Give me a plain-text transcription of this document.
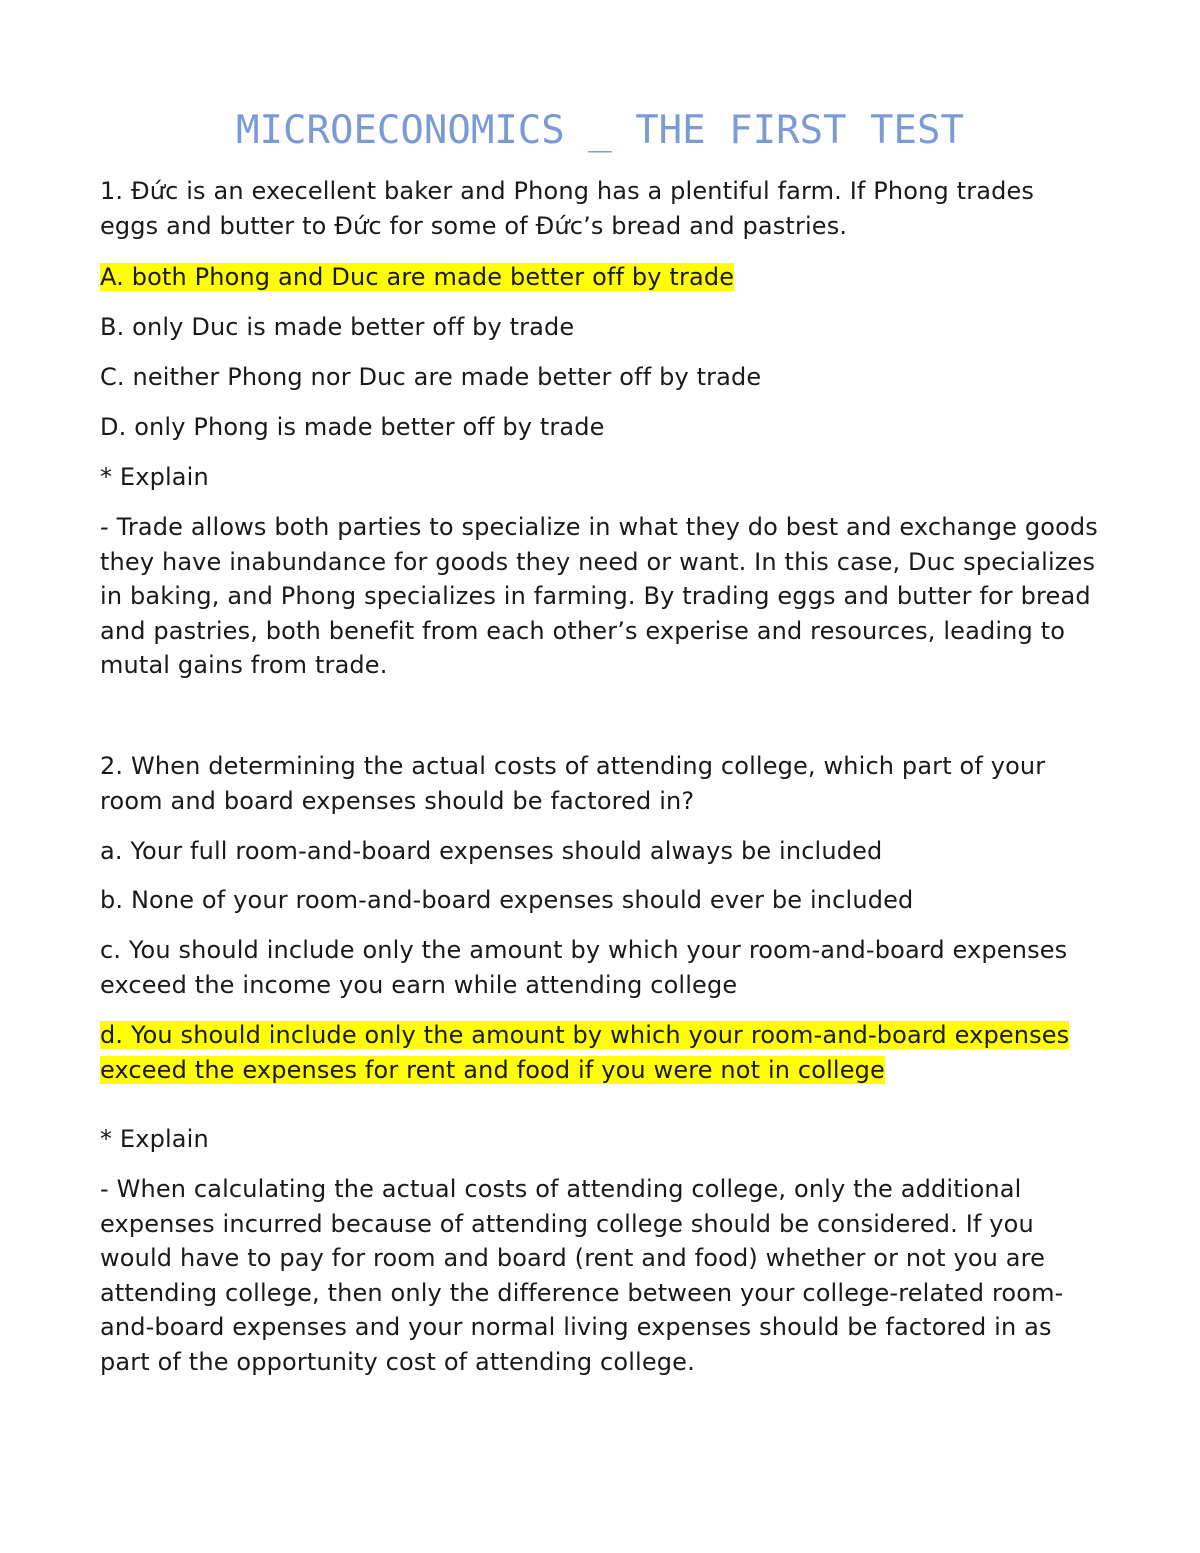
MICROECONOMICS _ THE FIRST TEST

1. Đức is an execellent baker and Phong has a plentiful farm. If Phong trades eggs and butter to Đức for some of Đức’s bread and pastries.

A. both Phong and Duc are made better off by trade

B. only Duc is made better off by trade

C. neither Phong nor Duc are made better off by trade

D. only Phong is made better off by trade

* Explain

- Trade allows both parties to specialize in what they do best and exchange goods they have inabundance for goods they need or want. In this case, Duc specializes in baking, and Phong specializes in farming. By trading eggs and butter for bread and pastries, both benefit from each other’s experise and resources, leading to mutal gains from trade.

2. When determining the actual costs of attending college, which part of your room and board expenses should be factored in?

a. Your full room-and-board expenses should always be included

b. None of your room-and-board expenses should ever be included

c. You should include only the amount by which your room-and-board expenses exceed the income you earn while attending college

d. You should include only the amount by which your room-and-board expenses exceed the expenses for rent and food if you were not in college

* Explain

- When calculating the actual costs of attending college, only the additional expenses incurred because of attending college should be considered. If you would have to pay for room and board (rent and food) whether or not you are attending college, then only the difference between your college-related room-and-board expenses and your normal living expenses should be factored in as part of the opportunity cost of attending college.
